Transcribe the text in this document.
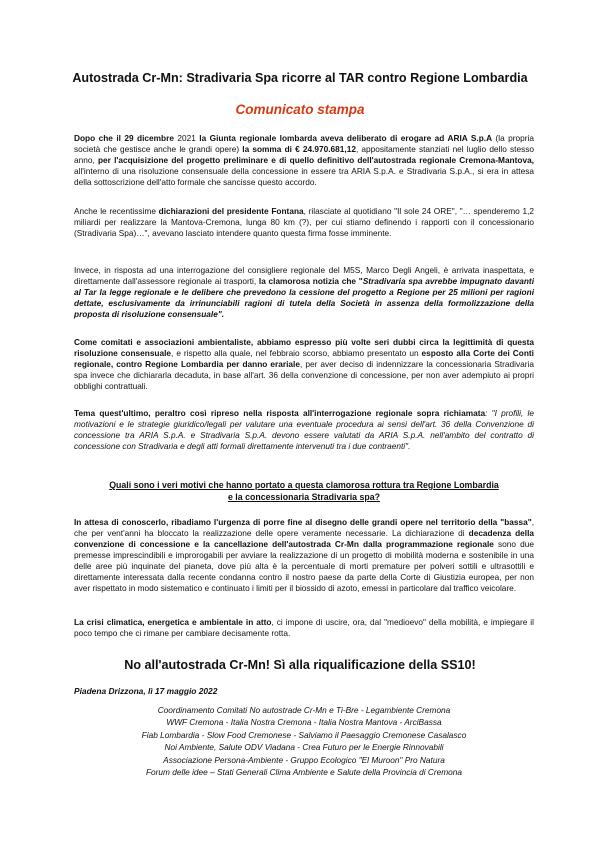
Autostrada Cr-Mn: Stradivaria Spa ricorre al TAR contro Regione Lombardia
Comunicato stampa
Dopo che il 29 dicembre 2021 la Giunta regionale lombarda aveva deliberato di erogare ad ARIA S.p.A (la propria società che gestisce anche le grandi opere) la somma di € 24.970.681,12, appositamente stanziati nel luglio dello stesso anno, per l'acquisizione del progetto preliminare e di quello definitivo dell'autostrada regionale Cremona-Mantova, all'interno di una risoluzione consensuale della concessione in essere tra ARIA S.p.A. e Stradivaria S.p.A., si era in attesa della sottoscrizione dell'atto formale che sancisse questo accordo.
Anche le recentissime dichiarazioni del presidente Fontana, rilasciate al quotidiano "Il sole 24 ORE", "… spenderemo 1,2 miliardi per realizzare la Mantova-Cremona, lunga 80 km (?), per cui stiamo definendo i rapporti con il concessionario (Stradivaria Spa)…", avevano lasciato intendere quanto questa firma fosse imminente.
Invece, in risposta ad una interrogazione del consigliere regionale del M5S, Marco Degli Angeli, è arrivata inaspettata, e direttamente dall'assessore regionale ai trasporti, la clamorosa notizia che "Stradivaria spa avrebbe impugnato davanti al Tar la legge regionale e le delibere che prevedono la cessione del progetto a Regione per 25 milioni per ragioni dettate, esclusivamente da irrinunciabili ragioni di tutela della Società in assenza della formolizzazione della proposta di risoluzione consensuale".
Come comitati e associazioni ambientaliste, abbiamo espresso più volte seri dubbi circa la legittimità di questa risoluzione consensuale, e rispetto alla quale, nel febbraio scorso, abbiamo presentato un esposto alla Corte dei Conti regionale, contro Regione Lombardia per danno erariale, per aver deciso di indennizzare la concessionaria Stradivaria spa invece che dichiararla decaduta, in base all'art. 36 della convenzione di concessione, per non aver adempiuto ai propri obblighi contrattuali.
Tema quest'ultimo, peraltro così ripreso nella risposta all'interrogazione regionale sopra richiamata: "I profili, le motivazioni e le strategie giuridico/legali per valutare una eventuale procedura ai sensi dell'art. 36 della Convenzione di concessione tra ARIA S.p.A. e Stradivaria S.p.A. devono essere valutati da ARIA S.p.A. nell'ambito del contratto di concessione con Stradivaria e degli atti formali direttamente intervenuti tra i due contraenti".
Quali sono i veri motivi che hanno portato a questa clamorosa rottura tra Regione Lombardia
e la concessionaria Stradivaria spa?
In attesa di conoscerlo, ribadiamo l'urgenza di porre fine al disegno delle grandi opere nel territorio della "bassa", che per vent'anni ha bloccato la realizzazione delle opere veramente necessarie. La dichiarazione di decadenza della convenzione di concessione e la cancellazione dell'autostrada Cr-Mn dalla programmazione regionale sono due premesse imprescindibili e improrogabili per avviare la realizzazione di un progetto di mobilità moderna e sostenibile in una delle aree più inquinate del pianeta, dove più alta è la percentuale di morti premature per polveri sottili e ultrasottili e direttamente interessata dalla recente condanna contro il nostro paese da parte della Corte di Giustizia europea, per non aver rispettato in modo sistematico e continuato i limiti per il biossido di azoto, emessi in particolare dal traffico veicolare.
La crisi climatica, energetica e ambientale in atto, ci impone di uscire, ora, dal "medioevo" della mobilità, e impiegare il poco tempo che ci rimane per cambiare decisamente rotta.
No all'autostrada Cr-Mn! Sì alla riqualificazione della SS10!
Piadena Drizzona, lì 17 maggio 2022
Coordinamento Comitati No autostrade Cr-Mn e Ti-Bre - Legambiente Cremona
WWF Cremona - Italia Nostra Cremona - Italia Nostra Mantova - ArciBassa
Fiab Lombardia - Slow Food Cremonese - Salviamo il Paesaggio Cremonese Casalasco
Noi Ambiente, Salute ODV Viadana - Crea Futuro per le Energie Rinnovabili
Associazione Persona-Ambiente - Gruppo Ecologico "El Muroon" Pro Natura
Forum delle idee – Stati Generali Clima Ambiente e Salute della Provincia di Cremona
